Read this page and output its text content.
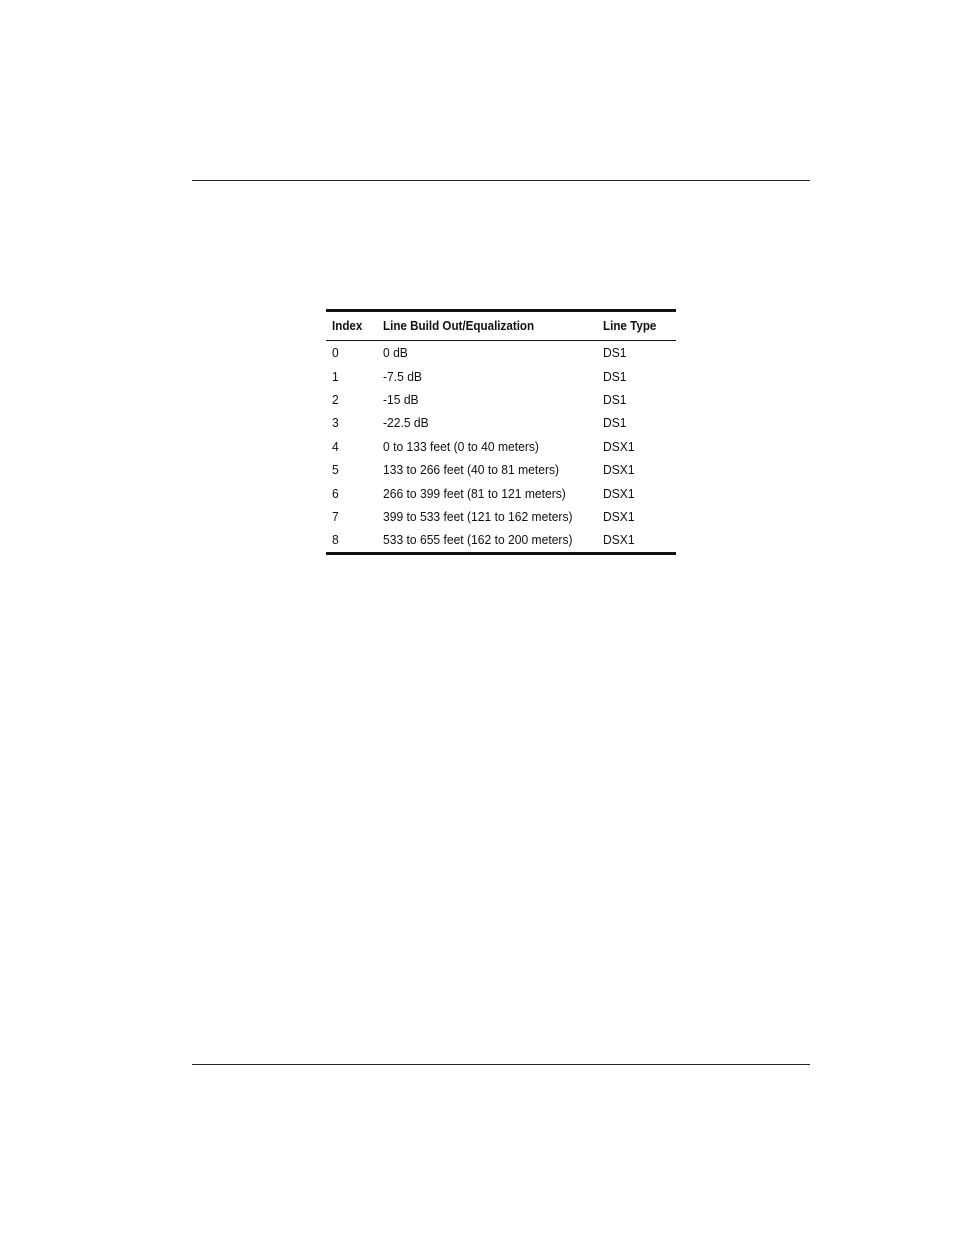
Index	Line Build Out/Equalization	Line Type
0	0 dB	DS1
1	-7.5 dB	DS1
2	-15 dB	DS1
3	-22.5 dB	DS1
4	0 to 133 feet (0 to 40 meters)	DSX1
5	133 to 266 feet (40 to 81 meters)	DSX1
6	266 to 399 feet (81 to 121 meters)	DSX1
7	399 to 533 feet (121 to 162 meters)	DSX1
8	533 to 655 feet (162 to 200 meters)	DSX1
